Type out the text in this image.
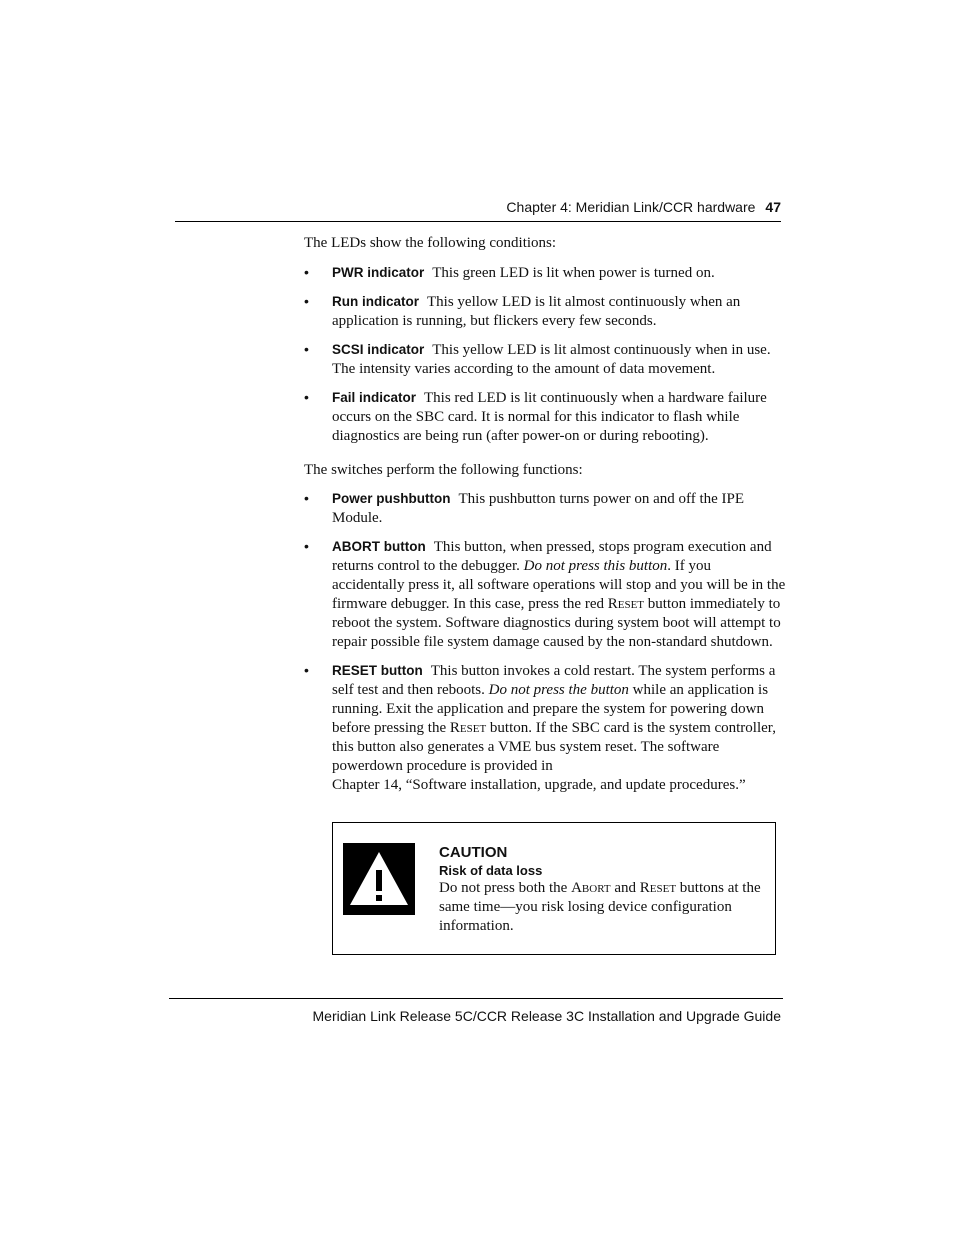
Chapter 4: Meridian Link/CCR hardware 47

The LEDs show the following conditions:

• PWR indicator This green LED is lit when power is turned on.
• Run indicator This yellow LED is lit almost continuously when an application is running, but flickers every few seconds.
• SCSI indicator This yellow LED is lit almost continuously when in use. The intensity varies according to the amount of data movement.
• Fail indicator This red LED is lit continuously when a hardware failure occurs on the SBC card. It is normal for this indicator to flash while diagnostics are being run (after power-on or during rebooting).

The switches perform the following functions:

• Power pushbutton This pushbutton turns power on and off the IPE Module.
• ABORT button This button, when pressed, stops program execution and returns control to the debugger. Do not press this button. If you accidentally press it, all software operations will stop and you will be in the firmware debugger. In this case, press the red Reset button immediately to reboot the system. Software diagnostics during system boot will attempt to repair possible file system damage caused by the non-standard shutdown.
• RESET button This button invokes a cold restart. The system performs a self test and then reboots. Do not press the button while an application is running. Exit the application and prepare the system for powering down before pressing the Reset button. If the SBC card is the system controller, this button also generates a VME bus system reset. The software powerdown procedure is provided in
Chapter 14, “Software installation, upgrade, and update procedures.”
CAUTION
Risk of data loss
Do not press both the Abort and Reset buttons at the same time—you risk losing device configuration information.
Meridian Link Release 5C/CCR Release 3C Installation and Upgrade Guide
